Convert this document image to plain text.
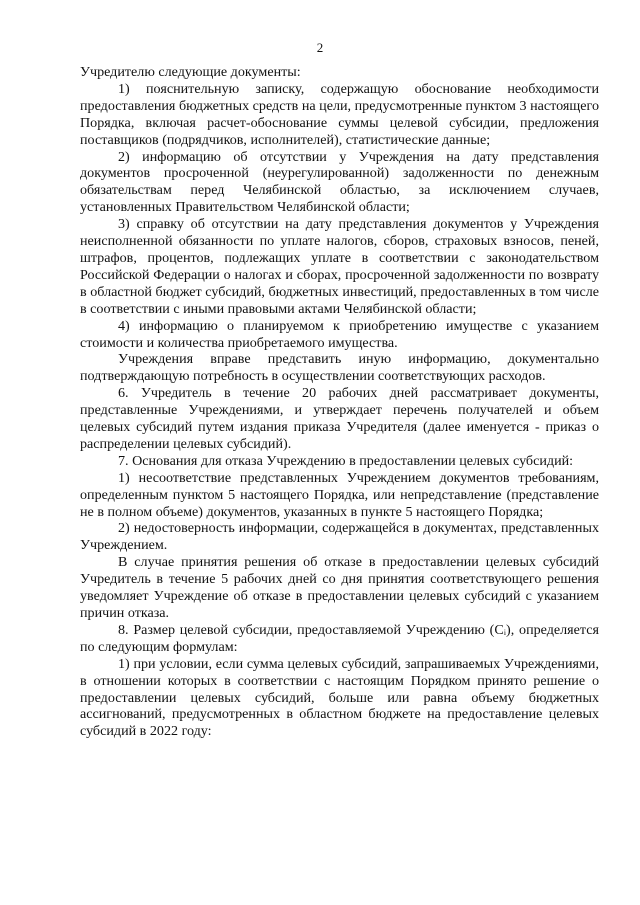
2

Учредителю следующие документы:

1) пояснительную записку, содержащую обоснование необходимости предоставления бюджетных средств на цели, предусмотренные пунктом 3 настоящего Порядка, включая расчет-обоснование суммы целевой субсидии, предложения поставщиков (подрядчиков, исполнителей), статистические данные;

2) информацию об отсутствии у Учреждения на дату представления документов просроченной (неурегулированной) задолженности по денежным обязательствам перед Челябинской областью, за исключением случаев, установленных Правительством Челябинской области;

3) справку об отсутствии на дату представления документов у Учреждения неисполненной обязанности по уплате налогов, сборов, страховых взносов, пеней, штрафов, процентов, подлежащих уплате в соответствии с законодательством Российской Федерации о налогах и сборах, просроченной задолженности по возврату в областной бюджет субсидий, бюджетных инвестиций, предоставленных в том числе в соответствии с иными правовыми актами Челябинской области;

4) информацию о планируемом к приобретению имуществе с указанием стоимости и количества приобретаемого имущества.

Учреждения вправе представить иную информацию, документально подтверждающую потребность в осуществлении соответствующих расходов.

6. Учредитель в течение 20 рабочих дней рассматривает документы, представленные Учреждениями, и утверждает перечень получателей и объем целевых субсидий путем издания приказа Учредителя (далее именуется - приказ о распределении целевых субсидий).

7. Основания для отказа Учреждению в предоставлении целевых субсидий:

1) несоответствие представленных Учреждением документов требованиям, определенным пунктом 5 настоящего Порядка, или непредставление (представление не в полном объеме) документов, указанных в пункте 5 настоящего Порядка;

2) недостоверность информации, содержащейся в документах, представленных Учреждением.

В случае принятия решения об отказе в предоставлении целевых субсидий Учредитель в течение 5 рабочих дней со дня принятия соответствующего решения уведомляет Учреждение об отказе в предоставлении целевых субсидий с указанием причин отказа.

8. Размер целевой субсидии, предоставляемой Учреждению (Cᵢ), определяется по следующим формулам:

1) при условии, если сумма целевых субсидий, запрашиваемых Учреждениями, в отношении которых в соответствии с настоящим Порядком принято решение о предоставлении целевых субсидий, больше или равна объему бюджетных ассигнований, предусмотренных в областном бюджете на предоставление целевых субсидий в 2022 году:
